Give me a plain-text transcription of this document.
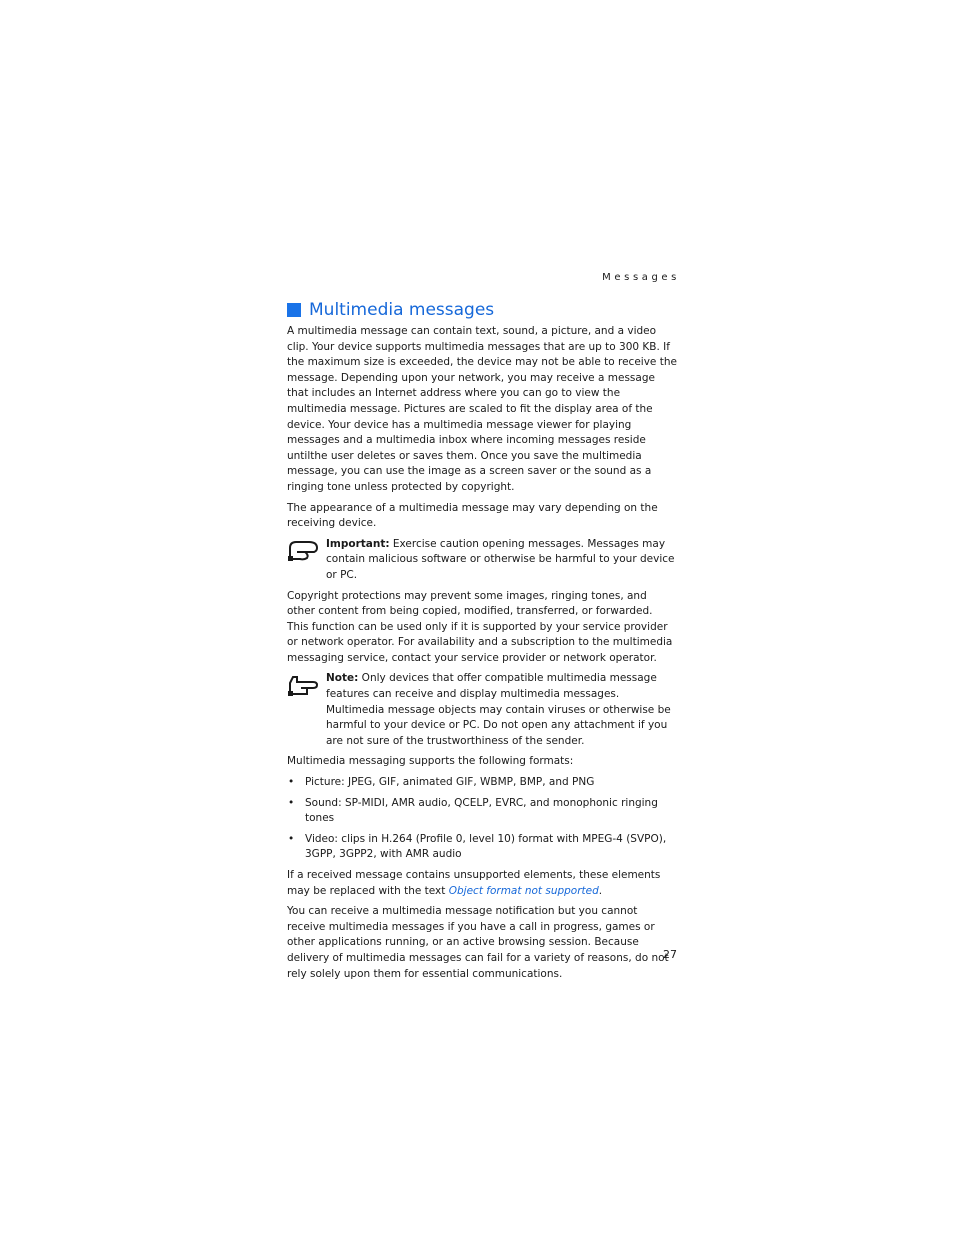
Messages
Multimedia messages

A multimedia message can contain text, sound, a picture, and a video clip. Your device supports multimedia messages that are up to 300 KB. If the maximum size is exceeded, the device may not be able to receive the message. Depending upon your network, you may receive a message that includes an Internet address where you can go to view the multimedia message. Pictures are scaled to fit the display area of the device. Your device has a multimedia message viewer for playing messages and a multimedia inbox where incoming messages reside untilthe user deletes or saves them. Once you save the multimedia message, you can use the image as a screen saver or the sound as a ringing tone unless protected by copyright.

The appearance of a multimedia message may vary depending on the receiving device.

Important: Exercise caution opening messages. Messages may contain malicious software or otherwise be harmful to your device or PC.

Copyright protections may prevent some images, ringing tones, and other content from being copied, modified, transferred, or forwarded. This function can be used only if it is supported by your service provider or network operator. For availability and a subscription to the multimedia messaging service, contact your service provider or network operator.

Note: Only devices that offer compatible multimedia message features can receive and display multimedia messages. Multimedia message objects may contain viruses or otherwise be harmful to your device or PC. Do not open any attachment if you are not sure of the trustworthiness of the sender.

Multimedia messaging supports the following formats:

• Picture: JPEG, GIF, animated GIF, WBMP, BMP, and PNG
• Sound: SP-MIDI, AMR audio, QCELP, EVRC, and monophonic ringing tones
• Video: clips in H.264 (Profile 0, level 10) format with MPEG-4 (SVPO), 3GPP, 3GPP2, with AMR audio

If a received message contains unsupported elements, these elements may be replaced with the text Object format not supported.

You can receive a multimedia message notification but you cannot receive multimedia messages if you have a call in progress, games or other applications running, or an active browsing session. Because delivery of multimedia messages can fail for a variety of reasons, do not rely solely upon them for essential communications.

27
